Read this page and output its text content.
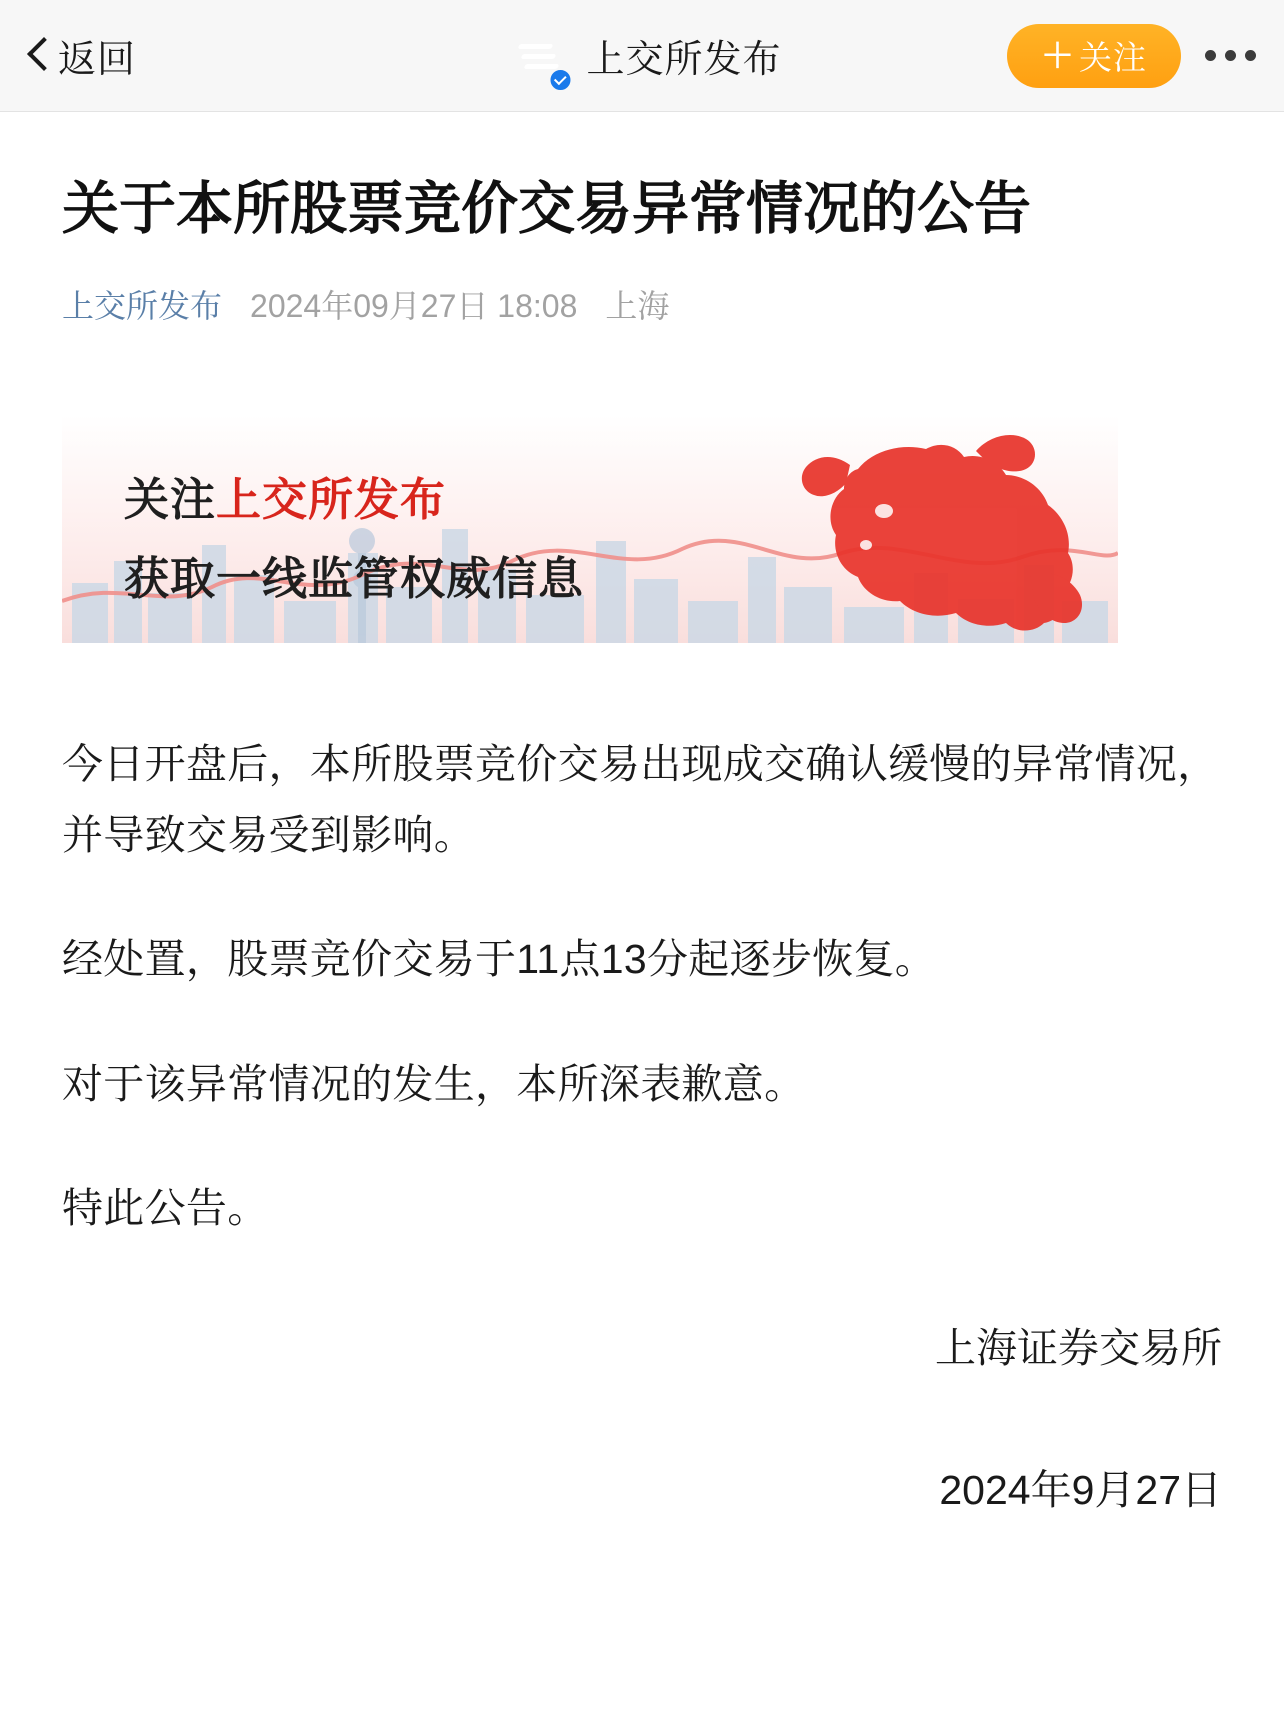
返回	上交所发布	＋ 关注
关于本所股票竞价交易异常情况的公告
上交所发布 2024年09月27日 18:08 上海
关注上交所发布
获取一线监管权威信息

今日开盘后，本所股票竞价交易出现成交确认缓慢的异常情况，并导致交易受到影响。

经处置，股票竞价交易于11点13分起逐步恢复。

对于该异常情况的发生，本所深表歉意。

特此公告。

上海证券交易所
2024年9月27日
